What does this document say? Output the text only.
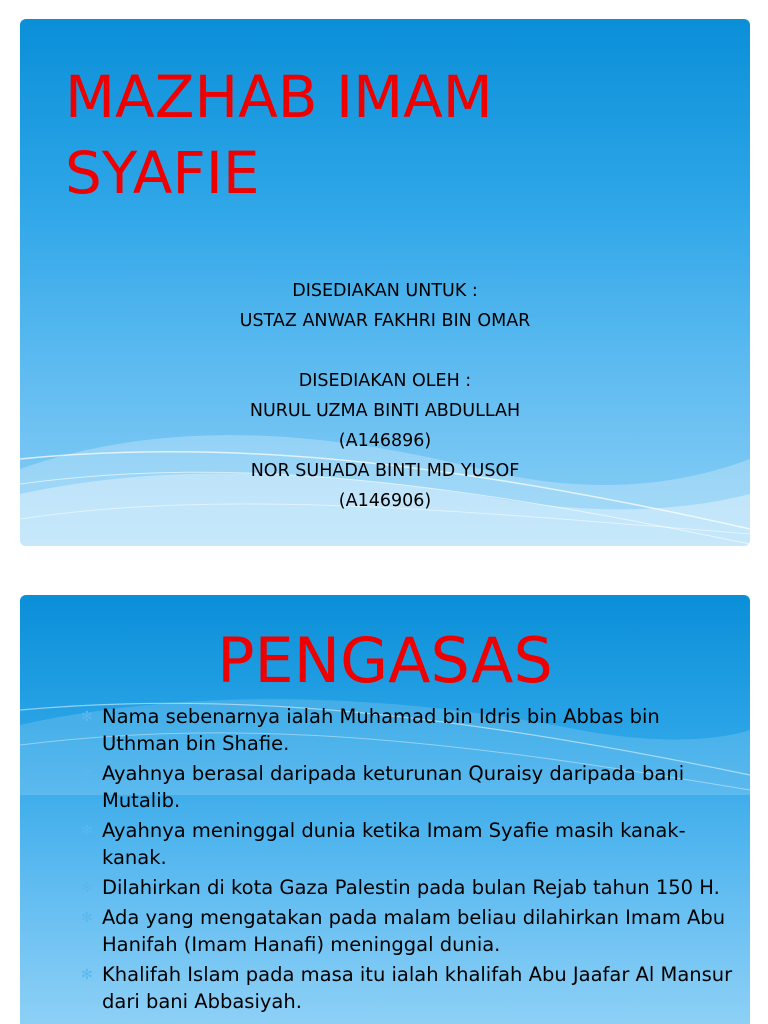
MAZHAB IMAM SYAFIE
DISEDIAKAN UNTUK :
USTAZ ANWAR FAKHRI BIN OMAR
DISEDIAKAN OLEH :
NURUL UZMA BINTI ABDULLAH
(A146896)
NOR SUHADA BINTI MD YUSOF
(A146906)
PENGASAS
✻ Nama sebenarnya ialah Muhamad bin Idris bin Abbas bin Uthman bin Shafie.
✻ Ayahnya berasal daripada keturunan Quraisy daripada bani Mutalib.
✻ Ayahnya meninggal dunia ketika Imam Syafie masih kanak-kanak.
✻ Dilahirkan di kota Gaza Palestin pada bulan Rejab tahun 150 H.
✻ Ada yang mengatakan pada malam beliau dilahirkan Imam Abu Hanifah (Imam Hanafi) meninggal dunia.
✻ Khalifah Islam pada masa itu ialah khalifah Abu Jaafar Al Mansur dari bani Abbasiyah.
